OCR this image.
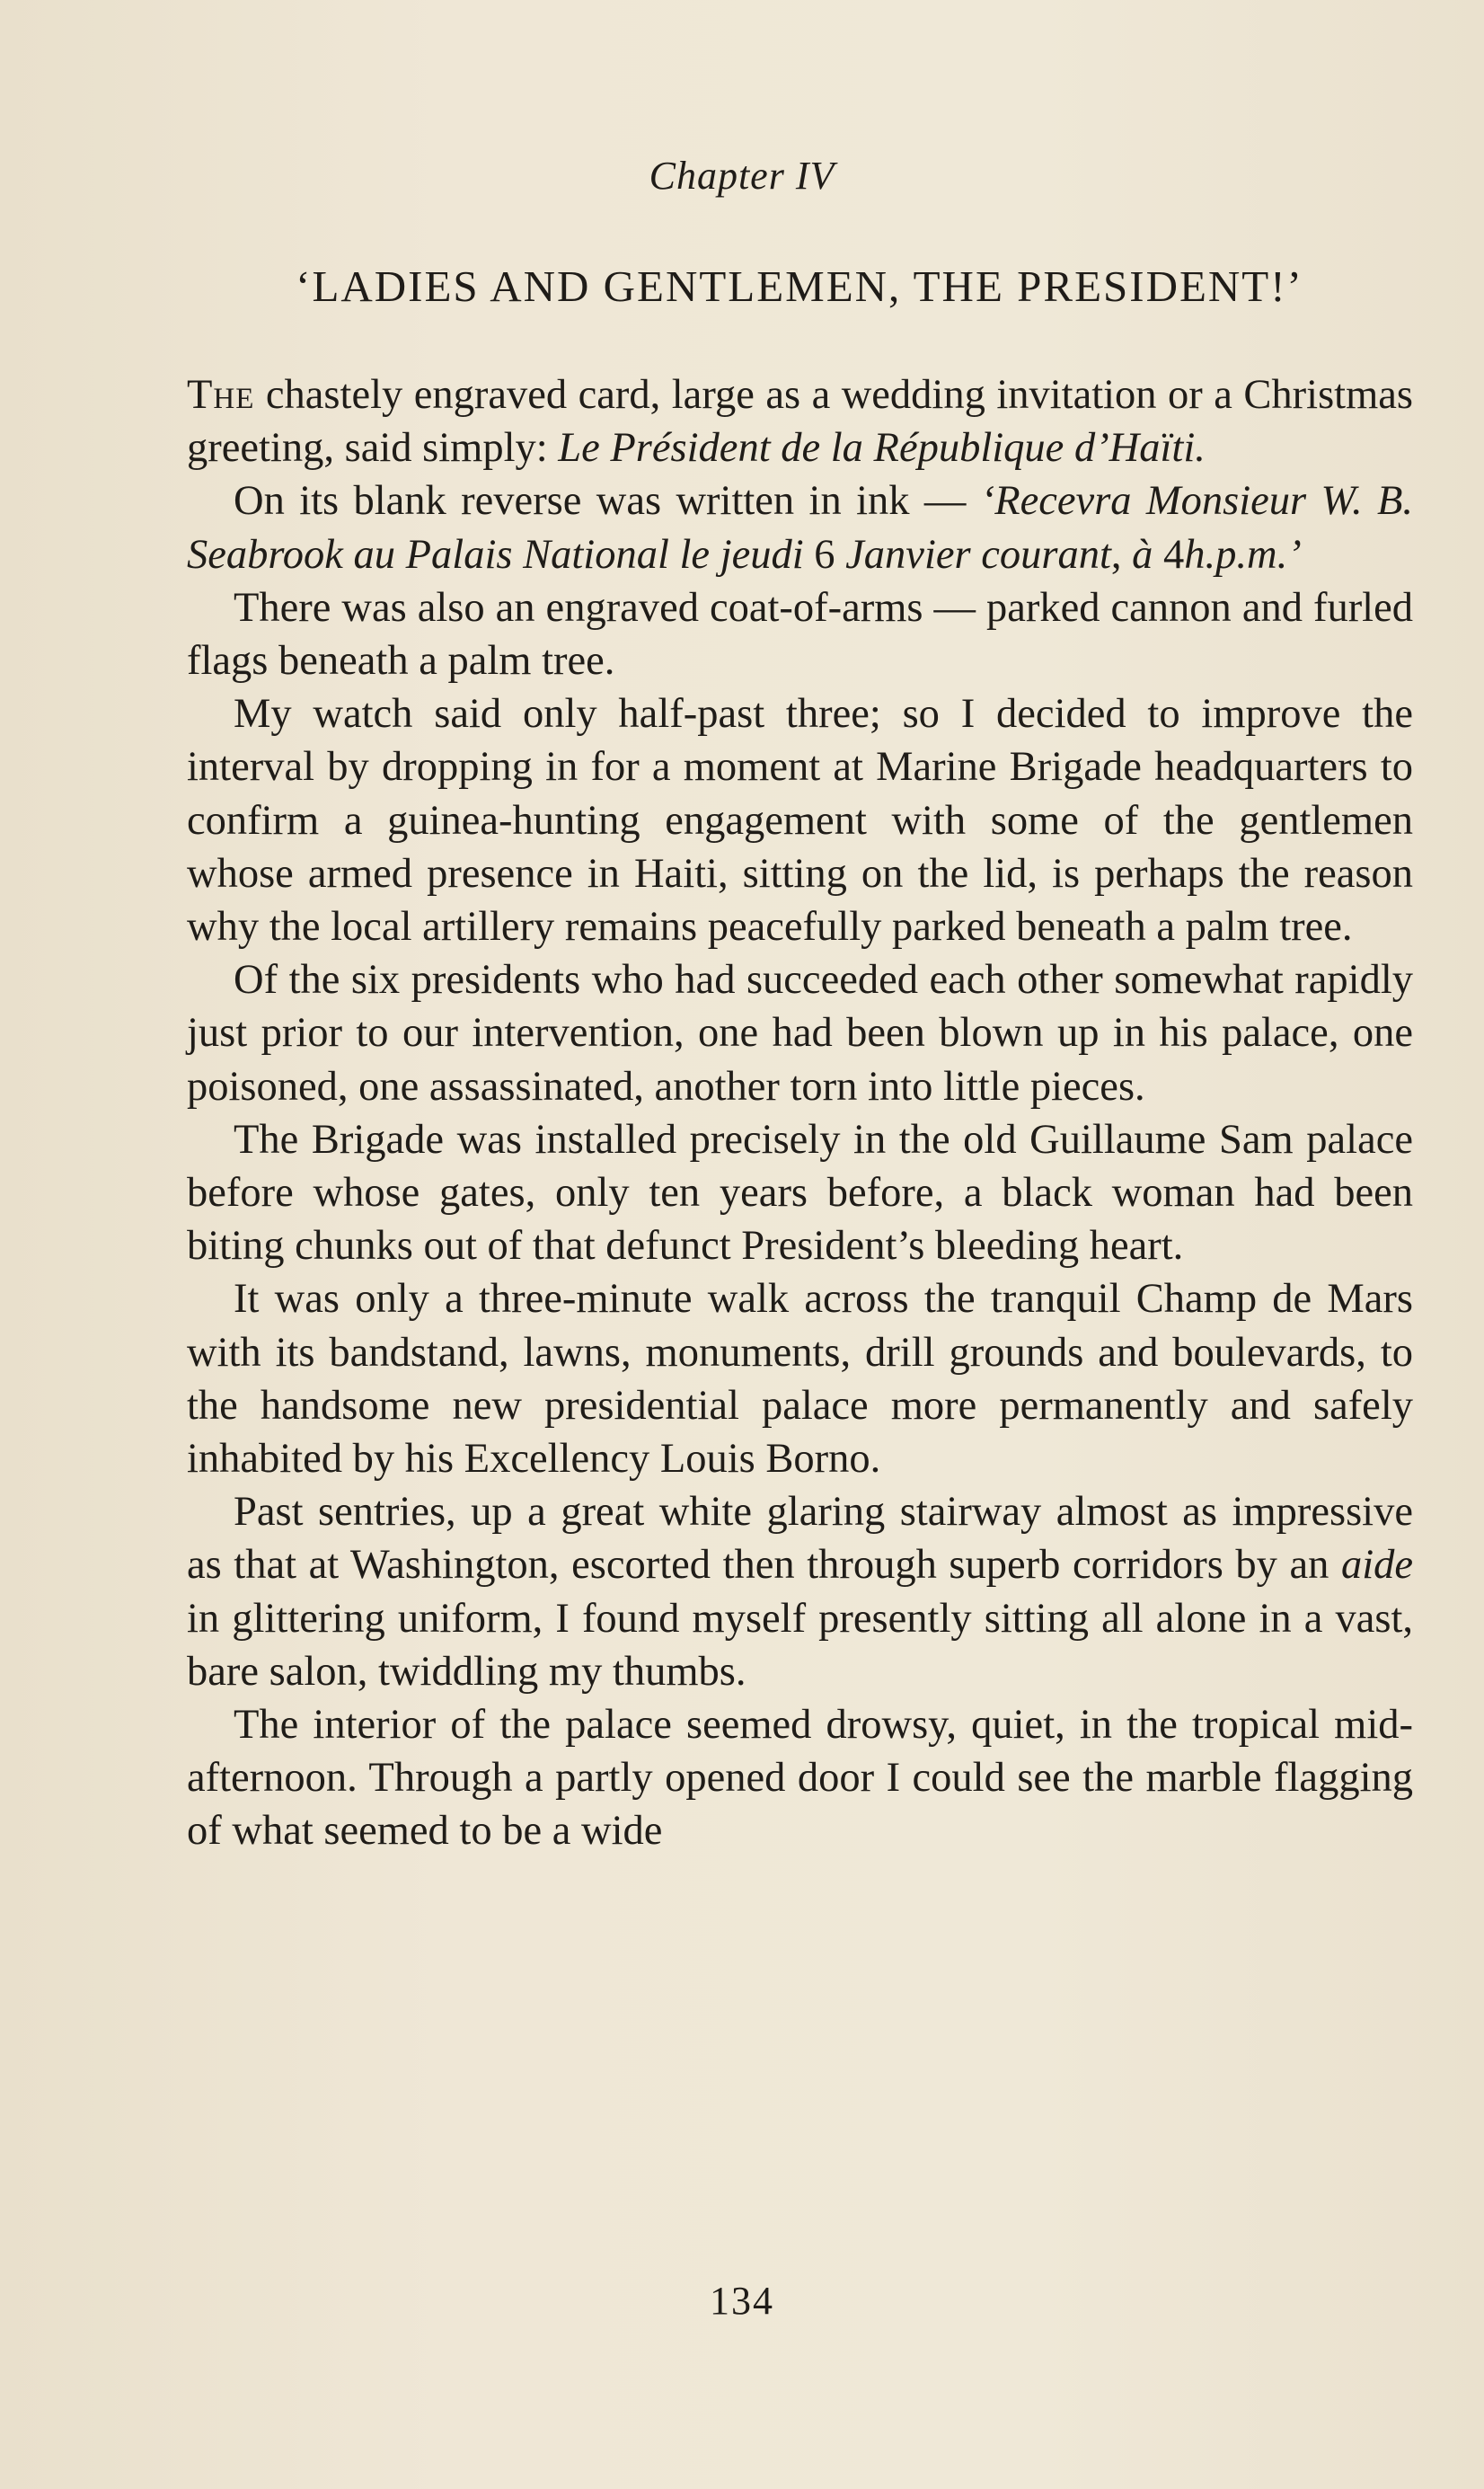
Chapter IV
‘LADIES AND GENTLEMEN, THE PRESIDENT!’

The chastely engraved card, large as a wedding invitation or a Christmas greeting, said simply: Le Président de la République d’Haïti.

On its blank reverse was written in ink — ‘Recevra Monsieur W. B. Seabrook au Palais National le jeudi 6 Janvier courant, à 4h.p.m.’

There was also an engraved coat-of-arms — parked cannon and furled flags beneath a palm tree.

My watch said only half-past three; so I decided to improve the interval by dropping in for a moment at Marine Brigade headquarters to confirm a guinea-hunting engagement with some of the gentlemen whose armed presence in Haiti, sitting on the lid, is perhaps the reason why the local artillery remains peacefully parked beneath a palm tree.

Of the six presidents who had succeeded each other somewhat rapidly just prior to our intervention, one had been blown up in his palace, one poisoned, one assassinated, another torn into little pieces.

The Brigade was installed precisely in the old Guillaume Sam palace before whose gates, only ten years before, a black woman had been biting chunks out of that defunct President’s bleeding heart.

It was only a three-minute walk across the tranquil Champ de Mars with its bandstand, lawns, monuments, drill grounds and boulevards, to the handsome new presidential palace more permanently and safely inhabited by his Excellency Louis Borno.

Past sentries, up a great white glaring stairway almost as impressive as that at Washington, escorted then through superb corridors by an aide in glittering uniform, I found myself presently sitting all alone in a vast, bare salon, twiddling my thumbs.

The interior of the palace seemed drowsy, quiet, in the tropical mid-afternoon. Through a partly opened door I could see the marble flagging of what seemed to be a wide

134
